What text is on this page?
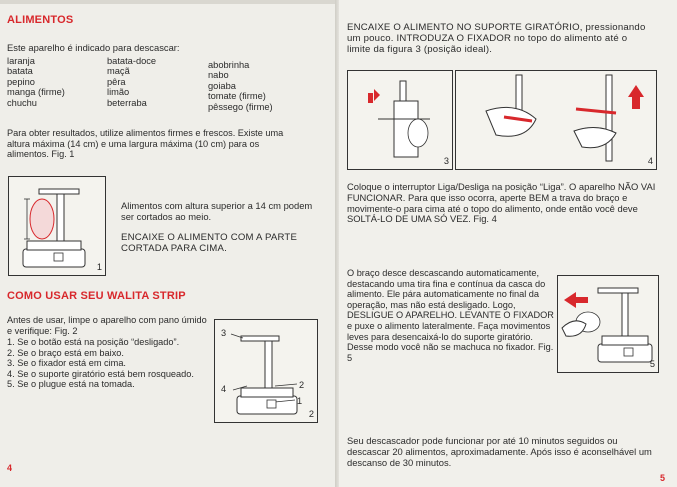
ALIMENTOS
Este aparelho é indicado para descascar:
laranja
batata
pepino
manga (firme)
chuchu
batata-doce
maçã
pêra
limão
beterraba
abobrinha
nabo
goiaba
tomate (firme)
pêssego (firme)
Para obter resultados, utilize alimentos firmes e frescos. Existe uma altura máxima (14 cm) e uma largura máxima (10 cm) para os alimentos. Fig. 1
1
Alimentos com altura superior a 14 cm podem ser cortados ao meio.
ENCAIXE O ALIMENTO COM A PARTE CORTADA PARA CIMA.
COMO USAR SEU WALITA STRIP
Antes de usar, limpe o aparelho com pano úmido e verifique: Fig. 2
1. Se o botão está na posição “desligado”.
2. Se o braço está em baixo.
3. Se o fixador está em cima.
4. Se o suporte giratório está bem rosqueado.
5. Se o plugue está na tomada.
3
2
4
1
2
4
ENCAIXE O ALIMENTO NO SUPORTE GIRATÓRIO, pressionando um pouco. INTRODUZA O FIXADOR no topo do alimento até o limite da figura 3 (posição ideal).
3	4
Coloque o interruptor Liga/Desliga na posição “Liga”. O aparelho NÃO VAI FUNCIONAR. Para que isso ocorra, aperte BEM a trava do braço e movimente-o para cima até o topo do alimento, onde então você deve SOLTÁ-LO DE UMA SÓ VEZ. Fig. 4
O braço desce descascando automaticamente, destacando uma tira fina e contínua da casca do alimento. Ele pára automaticamente no final da operação, mas não está desligado. Logo, DESLIGUE O APARELHO. LEVANTE O FIXADOR e puxe o alimento lateralmente. Faça movimentos leves para desencaixá-lo do suporte giratório. Desse modo você não se machuca no fixador. Fig. 5
5
Seu descascador pode funcionar por até 10 minutos seguidos ou descascar 20 alimentos, aproximadamente. Após isso é aconselhável um descanso de 30 minutos.
5
